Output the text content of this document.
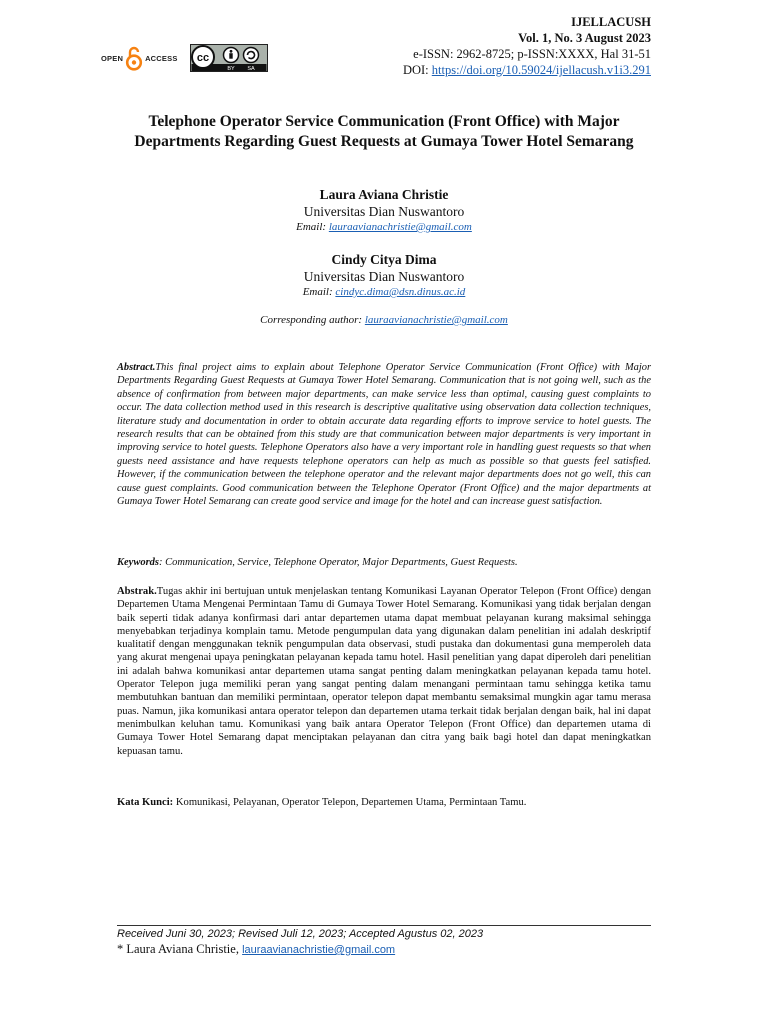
IJELLACUSH
Vol. 1, No. 3 August 2023
e-ISSN: 2962-8725; p-ISSN:XXXX, Hal 31-51
DOI: https://doi.org/10.59024/ijellacush.v1i3.291
OPEN	ACCESS cc
BY SA
Telephone Operator Service Communication (Front Office) with Major Departments Regarding Guest Requests at Gumaya Tower Hotel Semarang
Laura Aviana Christie
Universitas Dian Nuswantoro
Email: lauraavianachristie@gmail.com
Cindy Citya Dima
Universitas Dian Nuswantoro
Email: cindyc.dima@dsn.dinus.ac.id
Corresponding author: lauraavianachristie@gmail.com
Abstract.This final project aims to explain about Telephone Operator Service Communication (Front Office) with Major Departments Regarding Guest Requests at Gumaya Tower Hotel Semarang. Communication that is not going well, such as the absence of confirmation from between major departments, can make service less than optimal, causing guest complaints to occur. The data collection method used in this research is descriptive qualitative using observation data collection techniques, literature study and documentation in order to obtain accurate data regarding efforts to improve service to hotel guests. The research results that can be obtained from this study are that communication between major departments is very important in improving service to hotel guests. Telephone Operators also have a very important role in handling guest requests so that when guests need assistance and have requests telephone operators can help as much as possible so that guests feel satisfied. However, if the communication between the telephone operator and the relevant major departments does not go well, this can cause guest complaints. Good communication between the Telephone Operator (Front Office) and the major departments at Gumaya Tower Hotel Semarang can create good service and image for the hotel and can increase guest satisfaction.
Keywords: Communication, Service, Telephone Operator, Major Departments, Guest Requests.
Abstrak.Tugas akhir ini bertujuan untuk menjelaskan tentang Komunikasi Layanan Operator Telepon (Front Office) dengan Departemen Utama Mengenai Permintaan Tamu di Gumaya Tower Hotel Semarang. Komunikasi yang tidak berjalan dengan baik seperti tidak adanya konfirmasi dari antar departemen utama dapat membuat pelayanan kurang maksimal sehingga menyebabkan terjadinya komplain tamu. Metode pengumpulan data yang digunakan dalam penelitian ini adalah deskriptif kualitatif dengan menggunakan teknik pengumpulan data observasi, studi pustaka dan dokumentasi guna memperoleh data yang akurat mengenai upaya peningkatan pelayanan kepada tamu hotel. Hasil penelitian yang dapat diperoleh dari penelitian ini adalah bahwa komunikasi antar departemen utama sangat penting dalam meningkatkan pelayanan kepada tamu hotel. Operator Telepon juga memiliki peran yang sangat penting dalam menangani permintaan tamu sehingga ketika tamu membutuhkan bantuan dan memiliki permintaan, operator telepon dapat membantu semaksimal mungkin agar tamu merasa puas. Namun, jika komunikasi antara operator telepon dan departemen utama terkait tidak berjalan dengan baik, hal ini dapat menimbulkan keluhan tamu. Komunikasi yang baik antara Operator Telepon (Front Office) dan departemen utama di Gumaya Tower Hotel Semarang dapat menciptakan pelayanan dan citra yang baik bagi hotel dan dapat meningkatkan kepuasan tamu.
Kata Kunci: Komunikasi, Pelayanan, Operator Telepon, Departemen Utama, Permintaan Tamu.
Received Juni 30, 2023; Revised Juli 12, 2023; Accepted Agustus 02, 2023
* Laura Aviana Christie, lauraavianachristie@gmail.com
